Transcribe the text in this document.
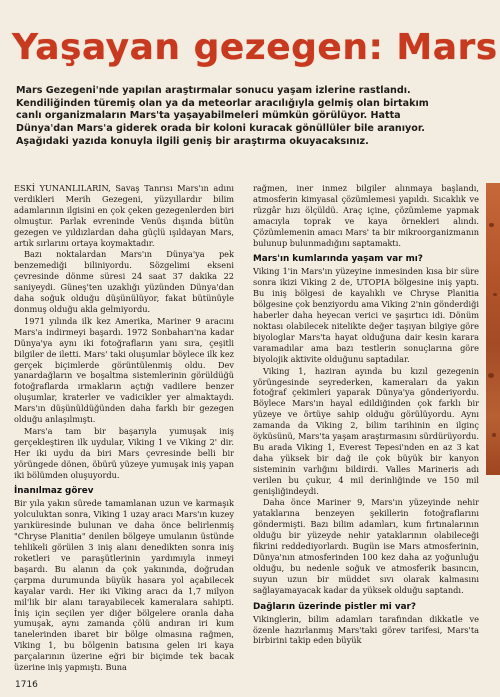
Yaşayan gezegen: Mars
Mars Gezegeni'nde yapılan araştırmalar sonucu yaşam izlerine rastlandı. Kendiliğinden türemiş olan ya da meteorlar aracılığıyla gelmiş olan birtakım canlı organizmaların Mars'ta yaşayabilmeleri mümkün görülüyor. Hatta Dünya'dan Mars'a giderek orada bir koloni kuracak gönüllüler bile aranıyor. Aşağıdaki yazıda konuyla ilgili geniş bir araştırma okuyacaksınız.

ESKİ YUNANLILARIN, Savaş Tanrısı Mars'ın adını verdikleri Merih Gezegeni, yüzyıllardır bilim adamlarının ilgisini en çok çeken gezegenlerden biri olmuştur. Parlak evreninde Venüs dışında bütün gezegen ve yıldızlardan daha güçlü ışıldayan Mars, artık sırlarını ortaya koymaktadır.

Bazı noktalardan Mars'ın Dünya'ya pek benzemediği biliniyordu. Sözgelimi ekseni çevresinde dönme süresi 24 saat 37 dakika 22 saniyeydi. Güneş'ten uzaklığı yüzünden Dünya'dan daha soğuk olduğu düşünülüyor, fakat bütünüyle donmuş olduğu akla gelmiyordu.

1971 yılında ilk kez Amerika, Mariner 9 aracını Mars'a indirmeyi başardı. 1972 Sonbaharı'na kadar Dünya'ya aynı iki fotoğrafların yanı sıra, çeşitli bilgiler de iletti. Mars' taki oluşumlar böylece ilk kez gerçek biçimlerde görüntülenmiş oldu. Dev yanardağların ve boşaltma sistemlerinin görüldüğü fotoğraflarda ırmakların açtığı vadilere benzer oluşumlar, kraterler ve vadicikler yer almaktaydı. Mars'ın düşünüldüğünden daha farklı bir gezegen olduğu anlaşılmıştı.

Mars'a tam bir başarıyla yumuşak iniş gerçekleştiren ilk uydular, Viking 1 ve Viking 2' dir. Her iki uydu da biri Mars çevresinde belli bir yörüngede dönen, öbürü yüzeye yumuşak iniş yapan iki bölümden oluşuyordu.

İnanılmaz görev

Bir yıla yakın sürede tamamlanan uzun ve karmaşık yolculuktan sonra, Viking 1 uzay aracı Mars'ın kuzey yarıküresinde bulunan ve daha önce belirlenmiş "Chryse Planitia" denilen bölgeye umulanın üstünde tehlikeli görülen 3 iniş alanı denedikten sonra iniş roketleri ve paraşütlerinin yardımıyla inmeyi başardı. Bu alanın da çok yakınında, doğrudan çarpma durumunda büyük hasara yol açabilecek kayalar vardı. Her iki Viking aracı da 1,7 milyon mil'lik bir alanı tarayabilecek kameralara sahipti. İniş için seçilen yer diğer bölgelere oranla daha yumuşak, aynı zamanda çölü andıran iri kum tanelerinden ibaret bir bölge olmasına rağmen, Viking 1, bu bölgenin batısına gelen iri kaya parçalarının üzerine eğri bir biçimde tek bacak üzerine iniş yapmıştı. Buna

rağmen, iner inmez bilgiler alınmaya başlandı, atmosferin kimyasal çözümlemesi yapıldı. Sıcaklık ve rüzgâr hızı ölçüldü. Araç içine, çözümleme yapmak amacıyla toprak ve kaya örnekleri alındı. Çözümlemenin amacı Mars' ta bir mikroorganizmanın bulunup bulunmadığını saptamaktı.

Mars'ın kumlarında yaşam var mı?

Viking 1'in Mars'ın yüzeyine inmesinden kısa bir süre sonra ikizi Viking 2 de, UTOPIA bölgesine iniş yaptı. Bu iniş bölgesi de kayalıklı ve Chryse Planitia bölgesine çok benziyordu ama Viking 2'nin gönderdiği haberler daha heyecan verici ve şaşırtıcı idi. Dönüm noktası olabilecek nitelikte değer taşıyan bilgiye göre biyologlar Mars'ta hayat olduğuna dair kesin karara varamadılar ama bazı testlerin sonuçlarına göre biyolojik aktivite olduğunu saptadılar.

Viking 1, haziran ayında bu kızıl gezegenin yörüngesinde seyrederken, kameraları da yakın fotoğraf çekimleri yaparak Dünya'ya gönderiyordu. Böylece Mars'ın hayal edildiğinden çok farklı bir yüzeye ve örtüye sahip olduğu görülüyordu. Aynı zamanda da Viking 2, bilim tarihinin en ilginç öyküsünü, Mars'ta yaşam araştırmasını sürdürüyordu. Bu arada Viking 1, Everest Tepesi'nden en az 3 kat daha yüksek bir dağ ile çok büyük bir kanyon sisteminin varlığını bildirdi. Valles Marineris adı verilen bu çukur, 4 mil derinliğinde ve 150 mil genişliğindeydi.

Daha önce Mariner 9, Mars'ın yüzeyinde nehir yataklarına benzeyen şekillerin fotoğraflarını göndermişti. Bazı bilim adamları, kum fırtınalarının olduğu bir yüzeyde nehir yataklarının olabileceği fikrini reddediyorlardı. Bugün ise Mars atmosferinin, Dünya'nın atmosferinden 100 kez daha az yoğunluğu olduğu, bu nedenle soğuk ve atmosferik basıncın, suyun uzun bir müddet sıvı olarak kalmasını sağlayamayacak kadar da yüksek olduğu saptandı.

Dağların üzerinde pistler mi var?

Vikinglerin, bilim adamları tarafından dikkatle ve özenle hazırlanmış Mars'taki görev tarifesi, Mars'ta birbirini takip eden büyük

1716
